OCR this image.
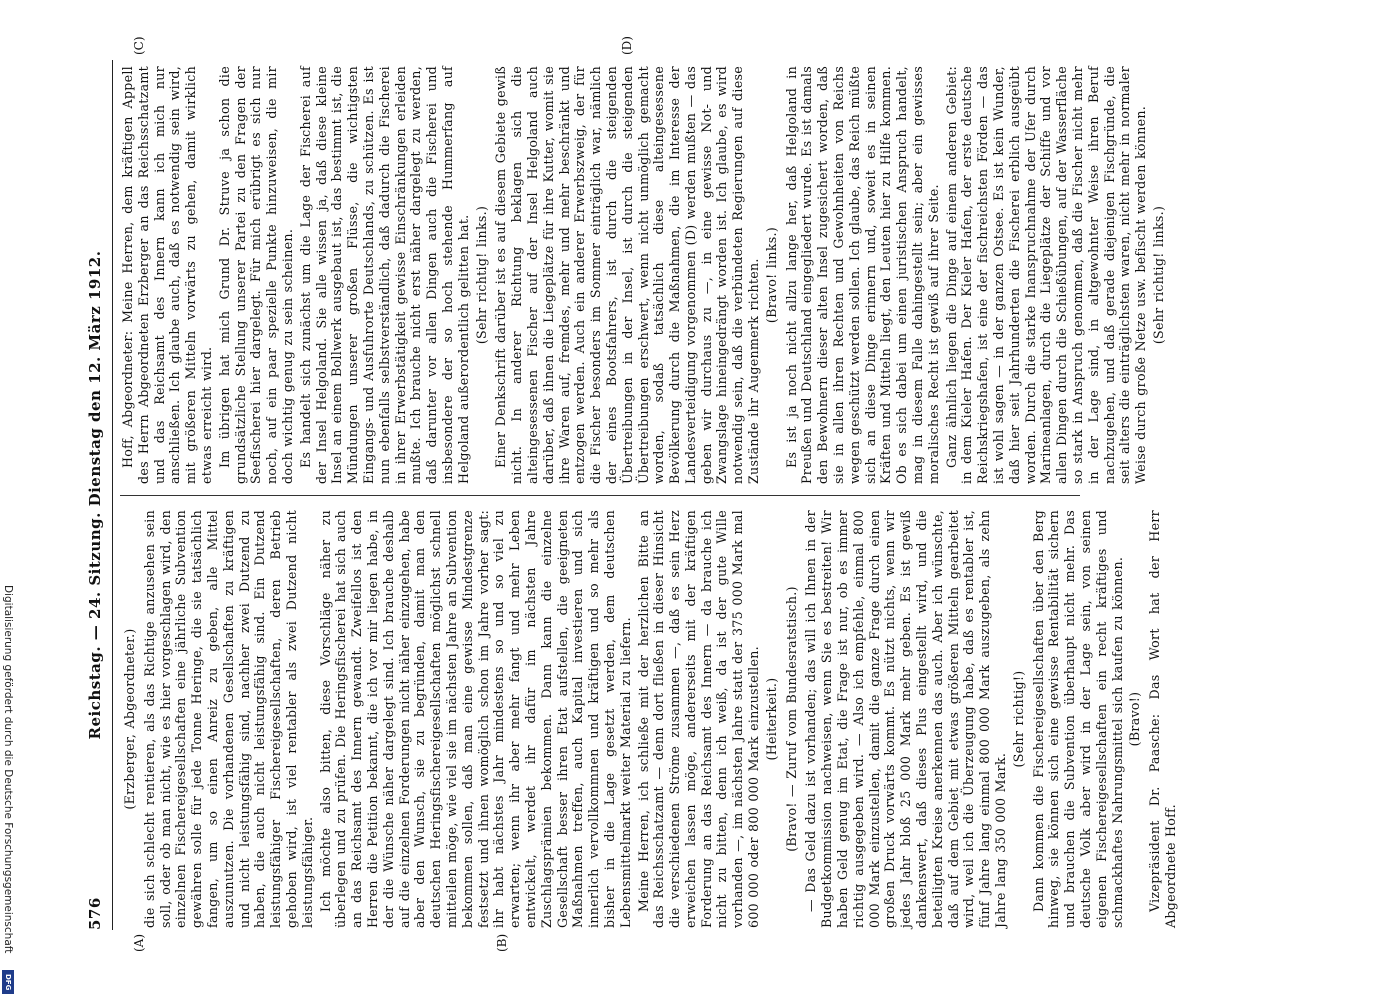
576
Reichstag. — 24. Sitzung. Dienstag den 12. März 1912.
(A)	(B)
(C)	(D)

(Erzberger, Abgeordneter.) die sich schlecht rentieren, als das Richtige anzusehen sein soll, oder ob man nicht, wie es hier vorgeschlagen wird, den einzelnen Fischereigesellschaften eine jährliche Subvention gewähren solle für jede Tonne Heringe, die sie tatsächlich fangen, um so einen Anreiz zu geben, alle Mittel auszunutzen. Die vorhandenen Gesellschaften zu kräftigen und nicht leistungsfähig sind, nachher zwei Dutzend zu haben, die auch nicht leistungsfähig sind. Ein Dutzend leistungsfähiger Fischereigesellschaften, deren Betrieb gehoben wird, ist viel rentabler als zwei Dutzend nicht leistungsfähiger. Ich möchte also bitten, diese Vorschläge näher zu überlegen und zu prüfen. Die Heringsfischerei hat sich auch an das Reichsamt des Innern gewandt. Zweifellos ist den Herren die Petition bekannt, die ich vor mir liegen habe, in der die Wünsche näher dargelegt sind. Ich brauche deshalb auf die einzelnen Forderungen nicht näher einzugehen, habe aber den Wunsch, sie zu begründen, damit man den deutschen Heringsfischereigesellschaften möglichst schnell mitteilen möge, wie viel sie im nächsten Jahre an Subvention bekommen sollen, daß man eine gewisse Mindestgrenze festsetzt und ihnen womöglich schon im Jahre vorher sagt: ihr habt nächstes Jahr mindestens so und so viel zu erwarten; wenn ihr aber mehr fangt und mehr Leben entwickelt, werdet ihr dafür im nächsten Jahre Zuschlagsprämien bekommen. Dann kann die einzelne Gesellschaft besser ihren Etat aufstellen, die geeigneten Maßnahmen treffen, auch Kapital investieren und sich innerlich vervollkommnen und kräftigen und so mehr als bisher in die Lage gesetzt werden, dem deutschen Lebensmittelmarkt weiter Material zu liefern. Meine Herren, ich schließe mit der herzlichen Bitte an das Reichsschatzamt — denn dort fließen in dieser Hinsicht die verschiedenen Ströme zusammen —, daß es sein Herz erweichen lassen möge, andererseits mit der kräftigen Forderung an das Reichsamt des Innern — da brauche ich nicht zu bitten, denn ich weiß, da ist der gute Wille vorhanden —, im nächsten Jahre statt der 375 000 Mark mal 600 000 oder 800 000 Mark einzustellen. (Heiterkeit.) (Bravo! — Zuruf vom Bundesratstisch.) — Das Geld dazu ist vorhanden; das will ich Ihnen in der Budgetkommission nachweisen, wenn Sie es bestreiten! Wir haben Geld genug im Etat, die Frage ist nur, ob es immer richtig ausgegeben wird. — Also ich empfehle, einmal 800 000 Mark einzustellen, damit die ganze Frage durch einen großen Druck vorwärts kommt. Es nützt nichts, wenn wir jedes Jahr bloß 25 000 Mark mehr geben. Es ist gewiß dankenswert, daß dieses Plus eingestellt wird, und die beteiligten Kreise anerkennen das auch. Aber ich wünschte, daß auf dem Gebiet mit etwas größeren Mitteln gearbeitet wird, weil ich die Überzeugung habe, daß es rentabler ist, fünf Jahre lang einmal 800 000 Mark auszugeben, als zehn Jahre lang 350 000 Mark.

(Sehr richtig!) Dann kommen die Fischereigesellschaften über den Berg hinweg, sie können sich eine gewisse Rentabilität sichern und brauchen die Subvention überhaupt nicht mehr. Das deutsche Volk aber wird in der Lage sein, von seinen eigenen Fischereigesellschaften ein recht kräftiges und schmackhaftes Nahrungsmittel sich kaufen zu können. (Bravo!) Vizepräsident Dr. Paasche: Das Wort hat der Herr Abgeordnete Hoff.

Hoff, Abgeordneter: Meine Herren, dem kräftigen Appell des Herrn Abgeordneten Erzberger an das Reichsschatzamt und das Reichsamt des Innern kann ich mich nur anschließen. Ich glaube auch, daß es notwendig sein wird, mit größeren Mitteln vorwärts zu gehen, damit wirklich etwas erreicht wird. Im übrigen hat mich Grund Dr. Struve ja schon die grundsätzliche Stellung unserer Partei zu den Fragen der Seefischerei hier dargelegt. Für mich erübrigt es sich nur noch, auf ein paar spezielle Punkte hinzuweisen, die mir doch wichtig genug zu sein scheinen. Es handelt sich zunächst um die Lage der Fischerei auf der Insel Helgoland. Sie alle wissen ja, daß diese kleine Insel an einem Bollwerk ausgebaut ist, das bestimmt ist, die Mündungen unserer großen Flüsse, die wichtigsten Eingangs- und Ausfuhrorte Deutschlands, zu schützen. Es ist nun ebenfalls selbstverständlich, daß dadurch die Fischerei in ihrer Erwerbstätigkeit gewisse Einschränkungen erleiden mußte. Ich brauche nicht erst näher dargelegt zu werden, daß darunter vor allen Dingen auch die Fischerei und insbesondere der so hoch stehende Hummerfang auf Helgoland außerordentlich gelitten hat. (Sehr richtig! links.) Einer Denkschrift darüber ist es auf diesem Gebiete gewiß nicht. In anderer Richtung beklagen sich die alteingesessenen Fischer auf der Insel Helgoland auch darüber, daß ihnen die Liegeplätze für ihre Kutter, womit sie ihre Waren auf, fremdes, mehr und mehr beschränkt und entzogen werden. Auch ein anderer Erwerbszweig, der für die Fischer besonders im Sommer einträglich war, nämlich der eines Bootsfahrers, ist durch die steigenden Übertreibungen in der Insel, ist durch die steigenden Übertreibungen erschwert, wenn nicht unmöglich gemacht worden, sodaß tatsächlich diese alteingesessene Bevölkerung durch die Maßnahmen, die im Interesse der Landesverteidigung vorgenommen (D) werden mußten — das geben wir durchaus zu —, in eine gewisse Not- und Zwangslage hineingedrängt worden ist. Ich glaube, es wird notwendig sein, daß die verbündeten Regierungen auf diese Zustände ihr Augenmerk richten. (Bravo! links.) Es ist ja noch nicht allzu lange her, daß Helgoland in Preußen und Deutschland eingegliedert wurde. Es ist damals den Bewohnern dieser alten Insel zugesichert worden, daß sie in allen ihren Rechten und Gewohnheiten von Reichs wegen geschützt werden sollen. Ich glaube, das Reich müßte sich an diese Dinge erinnern und, soweit es in seinen Kräften und Mitteln liegt, den Leuten hier zu Hilfe kommen. Ob es sich dabei um einen juristischen Anspruch handelt, mag in diesem Falle dahingestellt sein; aber ein gewisses moralisches Recht ist gewiß auf ihrer Seite. Ganz ähnlich liegen die Dinge auf einem anderen Gebiet: in dem Kieler Hafen. Der Kieler Hafen, der erste deutsche Reichskriegshafen, ist eine der fischreichsten Förden — das ist wohl sagen — in der ganzen Ostsee. Es ist kein Wunder, daß hier seit Jahrhunderten die Fischerei erblich ausgeübt worden. Durch die starke Inanspruchnahme der Ufer durch Marineanlagen, durch die Liegeplätze der Schiffe und vor allen Dingen durch die Schießübungen, auf der Wasserfläche so stark in Anspruch genommen, daß die Fischer nicht mehr in der Lage sind, in altgewohnter Weise ihren Beruf nachzugehen, und daß gerade diejenigen Fischgründe, die seit alters die einträglichsten waren, nicht mehr in normaler Weise durch große Netze usw. befischt werden können. (Sehr richtig! links.)

Digitalisierung gefördert durch die Deutsche Forschungsgemeinschaft
DFG
